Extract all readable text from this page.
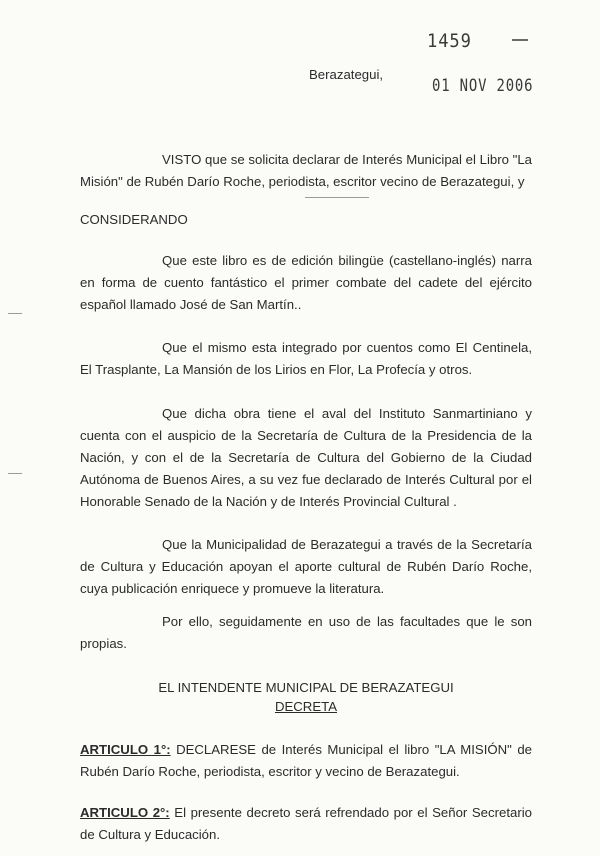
1459
Berazategui,
01 NOV 2006
VISTO que se solicita declarar de Interés Municipal el Libro "La Misión" de Rubén Darío Roche, periodista, escritor vecino de Berazategui, y
CONSIDERANDO
Que este libro es de edición bilingüe (castellano-inglés) narra en forma de cuento fantástico el primer combate del cadete del ejército español llamado José de San Martín..
Que el mismo esta integrado por cuentos como El Centinela, El Trasplante, La Mansión de los Lirios en Flor, La Profecía y otros.
Que dicha obra tiene el aval del Instituto Sanmartiniano y cuenta con el auspicio de la Secretaría de Cultura de la Presidencia de la Nación, y con el de la Secretaría de Cultura del Gobierno de la Ciudad Autónoma de Buenos Aires, a su vez fue declarado de Interés Cultural por el Honorable Senado de la Nación y de Interés Provincial Cultural .
Que la Municipalidad de Berazategui a través de la Secretaría de Cultura y Educación apoyan el aporte cultural de Rubén Darío Roche, cuya publicación enriquece y promueve la literatura.
Por ello, seguidamente en uso de las facultades que le son propias.
EL INTENDENTE MUNICIPAL DE BERAZATEGUI
DECRETA
ARTICULO 1°: DECLARESE de Interés Municipal el libro "LA MISIÓN" de Rubén Darío Roche, periodista, escritor y vecino de Berazategui.
ARTICULO 2°: El presente decreto será refrendado por el Señor Secretario de Cultura y Educación.
